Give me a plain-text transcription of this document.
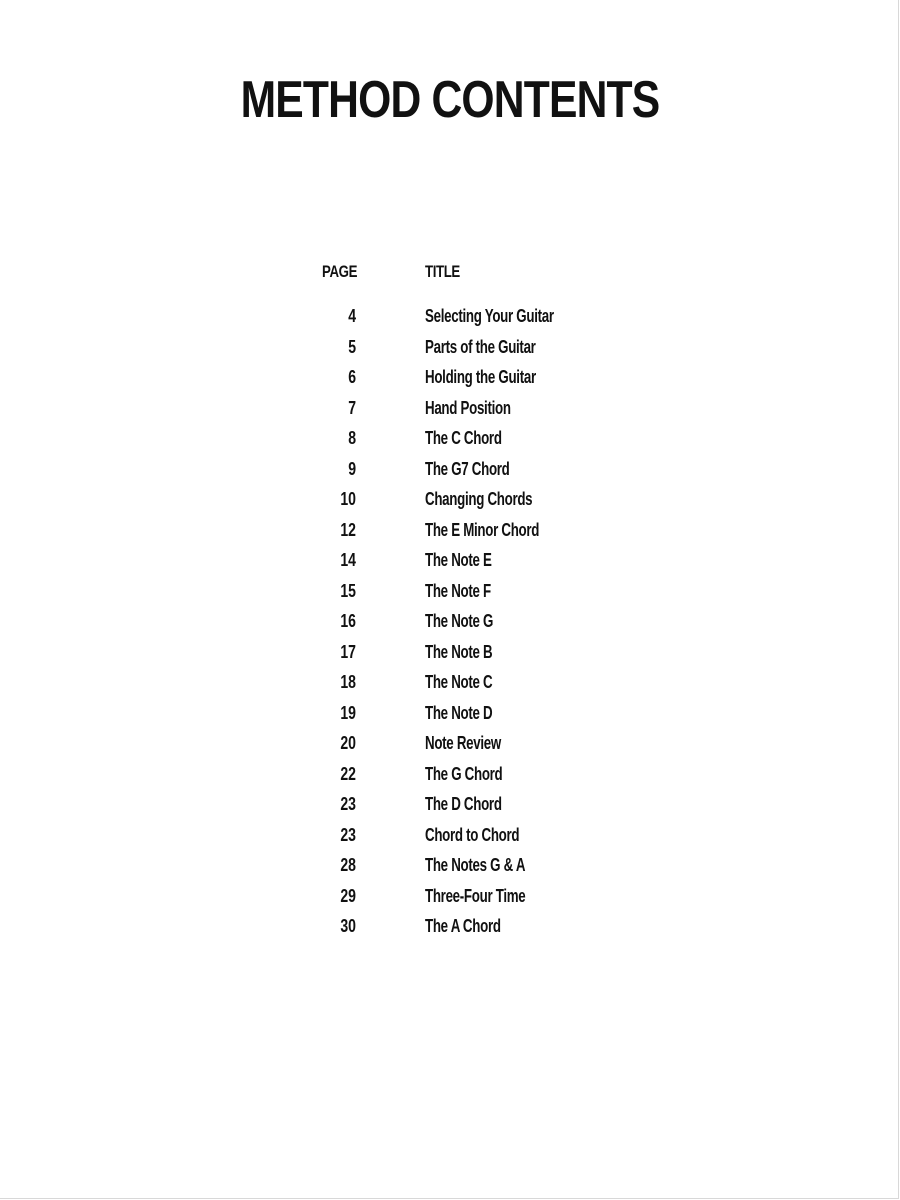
METHOD CONTENTS
PAGE	TITLE
4	Selecting Your Guitar
5	Parts of the Guitar
6	Holding the Guitar
7	Hand Position
8	The C Chord
9	The G7 Chord
10	Changing Chords
12	The E Minor Chord
14	The Note E
15	The Note F
16	The Note G
17	The Note B
18	The Note C
19	The Note D
20	Note Review
22	The G Chord
23	The D Chord
23	Chord to Chord
28	The Notes G & A
29	Three-Four Time
30	The A Chord
